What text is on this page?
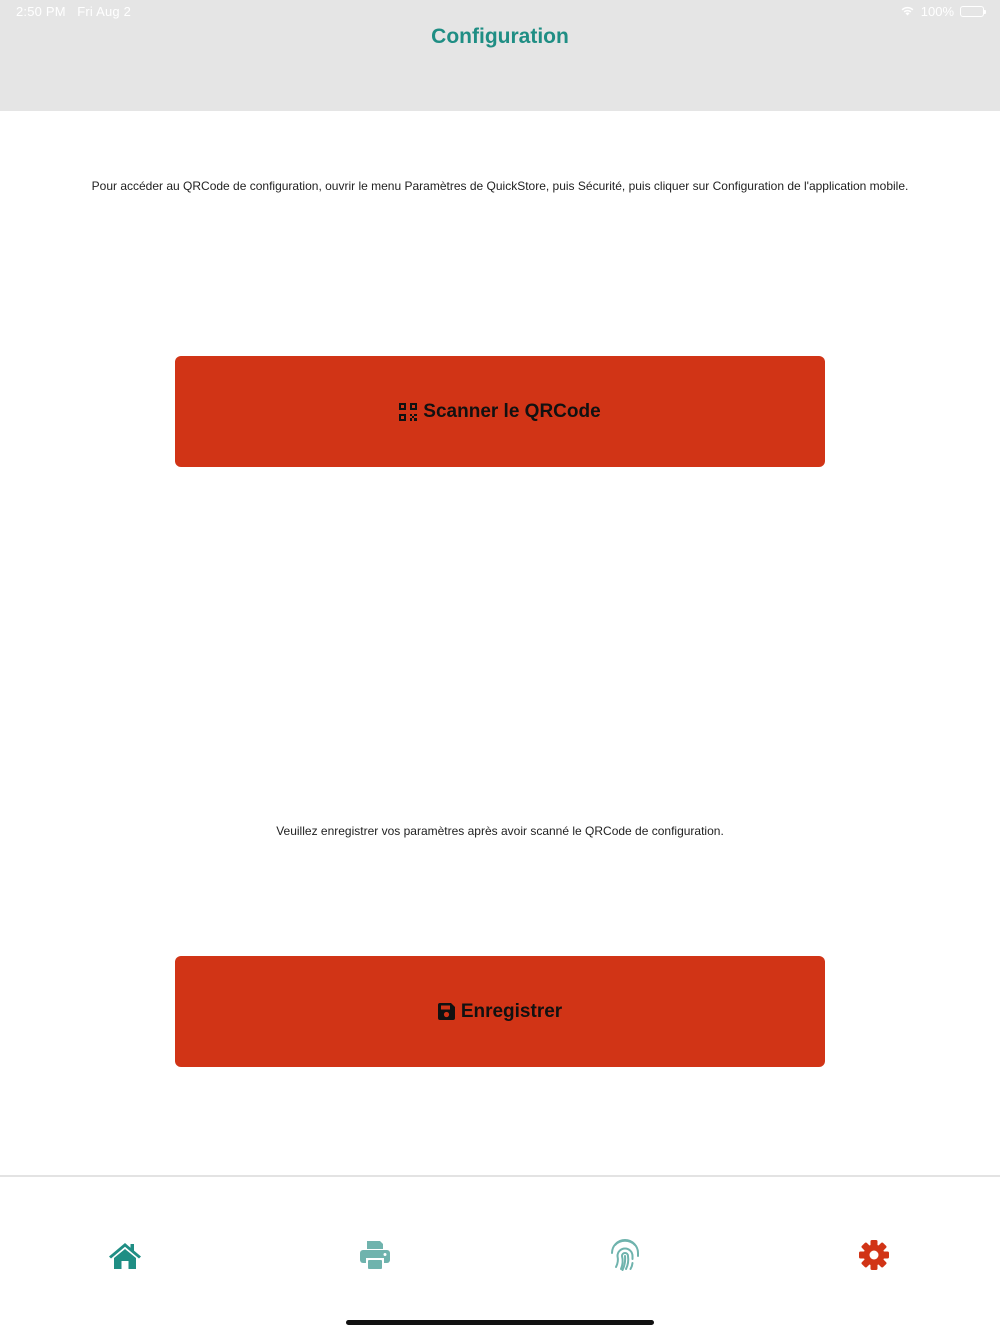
2:50 PM Fri Aug 2	100%
Configuration

Pour accéder au QRCode de configuration, ouvrir le menu Paramètres de QuickStore, puis Sécurité, puis cliquer sur Configuration de l'application mobile.

Scanner le QRCode

Veuillez enregistrer vos paramètres après avoir scanné le QRCode de configuration.

Enregistrer
